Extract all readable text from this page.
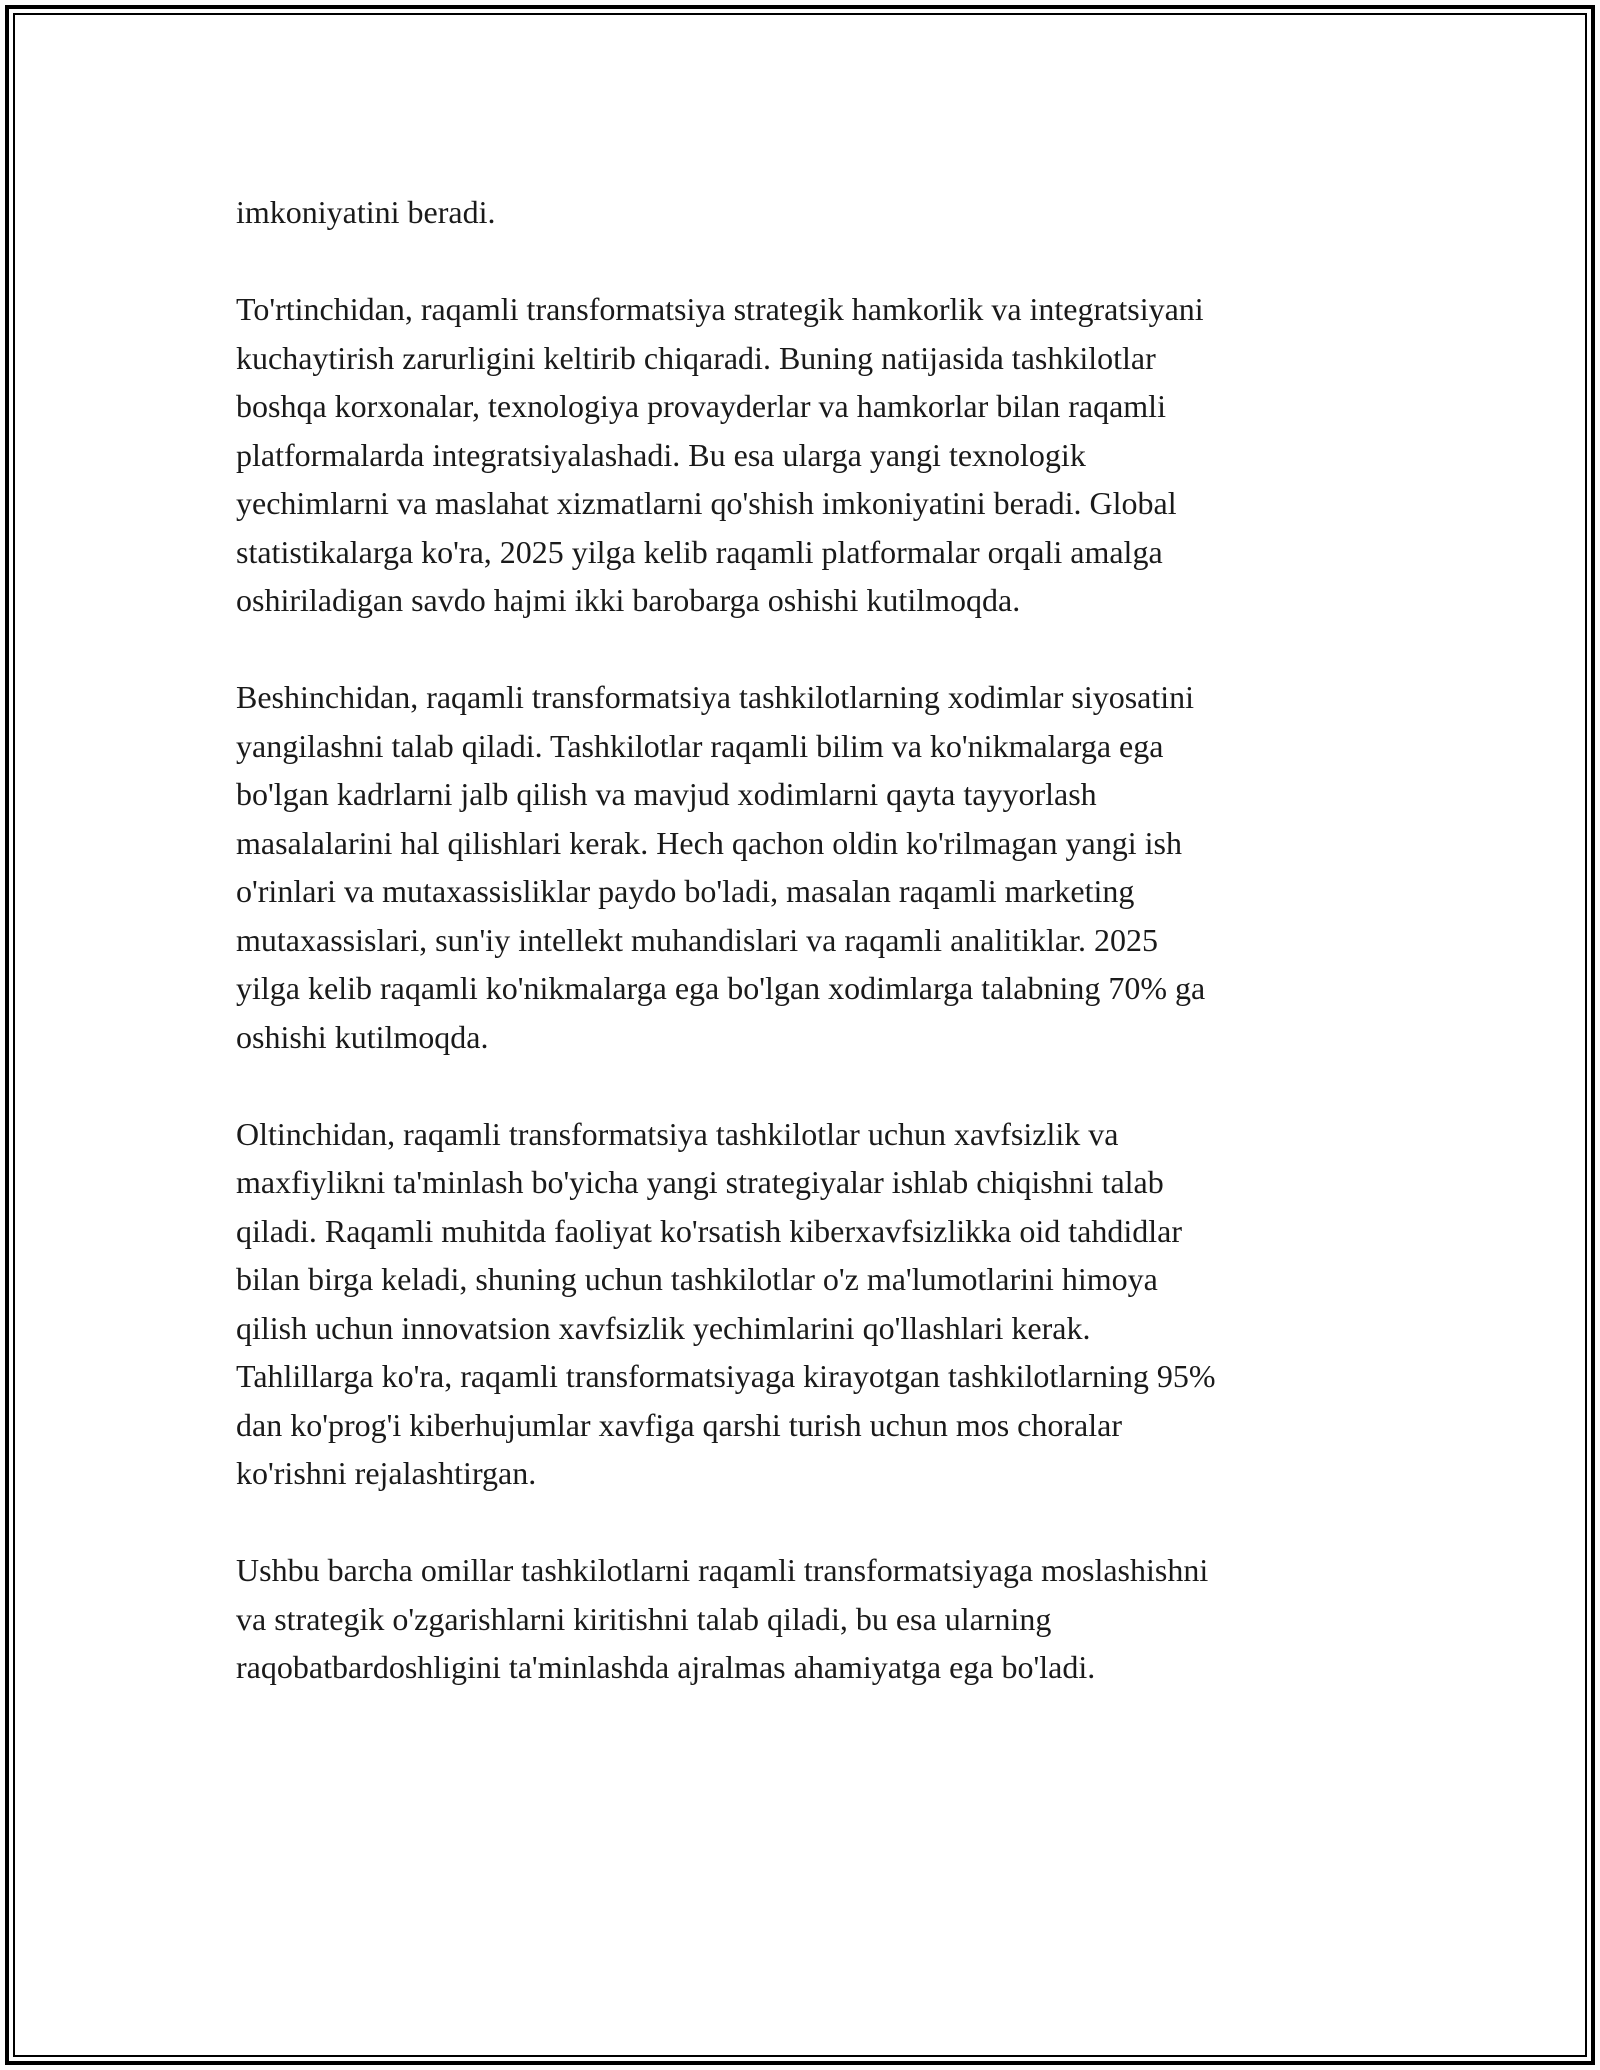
imkoniyatini beradi.

To'rtinchidan, raqamli transformatsiya strategik hamkorlik va integratsiyani
kuchaytirish zarurligini keltirib chiqaradi. Buning natijasida tashkilotlar
boshqa korxonalar, texnologiya provayderlar va hamkorlar bilan raqamli
platformalarda integratsiyalashadi. Bu esa ularga yangi texnologik
yechimlarni va maslahat xizmatlarni qo'shish imkoniyatini beradi. Global
statistikalarga ko'ra, 2025 yilga kelib raqamli platformalar orqali amalga
oshiriladigan savdo hajmi ikki barobarga oshishi kutilmoqda.

Beshinchidan, raqamli transformatsiya tashkilotlarning xodimlar siyosatini
yangilashni talab qiladi. Tashkilotlar raqamli bilim va ko'nikmalarga ega
bo'lgan kadrlarni jalb qilish va mavjud xodimlarni qayta tayyorlash
masalalarini hal qilishlari kerak. Hech qachon oldin ko'rilmagan yangi ish
o'rinlari va mutaxassisliklar paydo bo'ladi, masalan raqamli marketing
mutaxassislari, sun'iy intellekt muhandislari va raqamli analitiklar. 2025
yilga kelib raqamli ko'nikmalarga ega bo'lgan xodimlarga talabning 70% ga
oshishi kutilmoqda.

Oltinchidan, raqamli transformatsiya tashkilotlar uchun xavfsizlik va
maxfiylikni ta'minlash bo'yicha yangi strategiyalar ishlab chiqishni talab
qiladi. Raqamli muhitda faoliyat ko'rsatish kiberxavfsizlikka oid tahdidlar
bilan birga keladi, shuning uchun tashkilotlar o'z ma'lumotlarini himoya
qilish uchun innovatsion xavfsizlik yechimlarini qo'llashlari kerak.
Tahlillarga ko'ra, raqamli transformatsiyaga kirayotgan tashkilotlarning 95%
dan ko'prog'i kiberhujumlar xavfiga qarshi turish uchun mos choralar
ko'rishni rejalashtirgan.

Ushbu barcha omillar tashkilotlarni raqamli transformatsiyaga moslashishni
va strategik o'zgarishlarni kiritishni talab qiladi, bu esa ularning
raqobatbardoshligini ta'minlashda ajralmas ahamiyatga ega bo'ladi.
